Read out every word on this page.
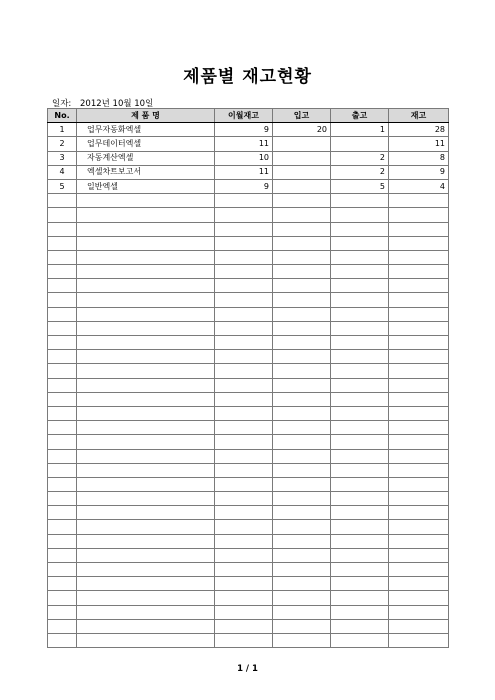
제품별 재고현황
일자: 2012년 10월 10일
No.	제 품 명	이월재고	입고	출고	재고
1	업무자동화엑셀	9	20	1	28
2	업무데이터엑셀	11			11
3	자동계산엑셀	10		2	8
4	엑셀차트보고서	11		2	9
5	일반엑셀	9		5	4

1 / 1
